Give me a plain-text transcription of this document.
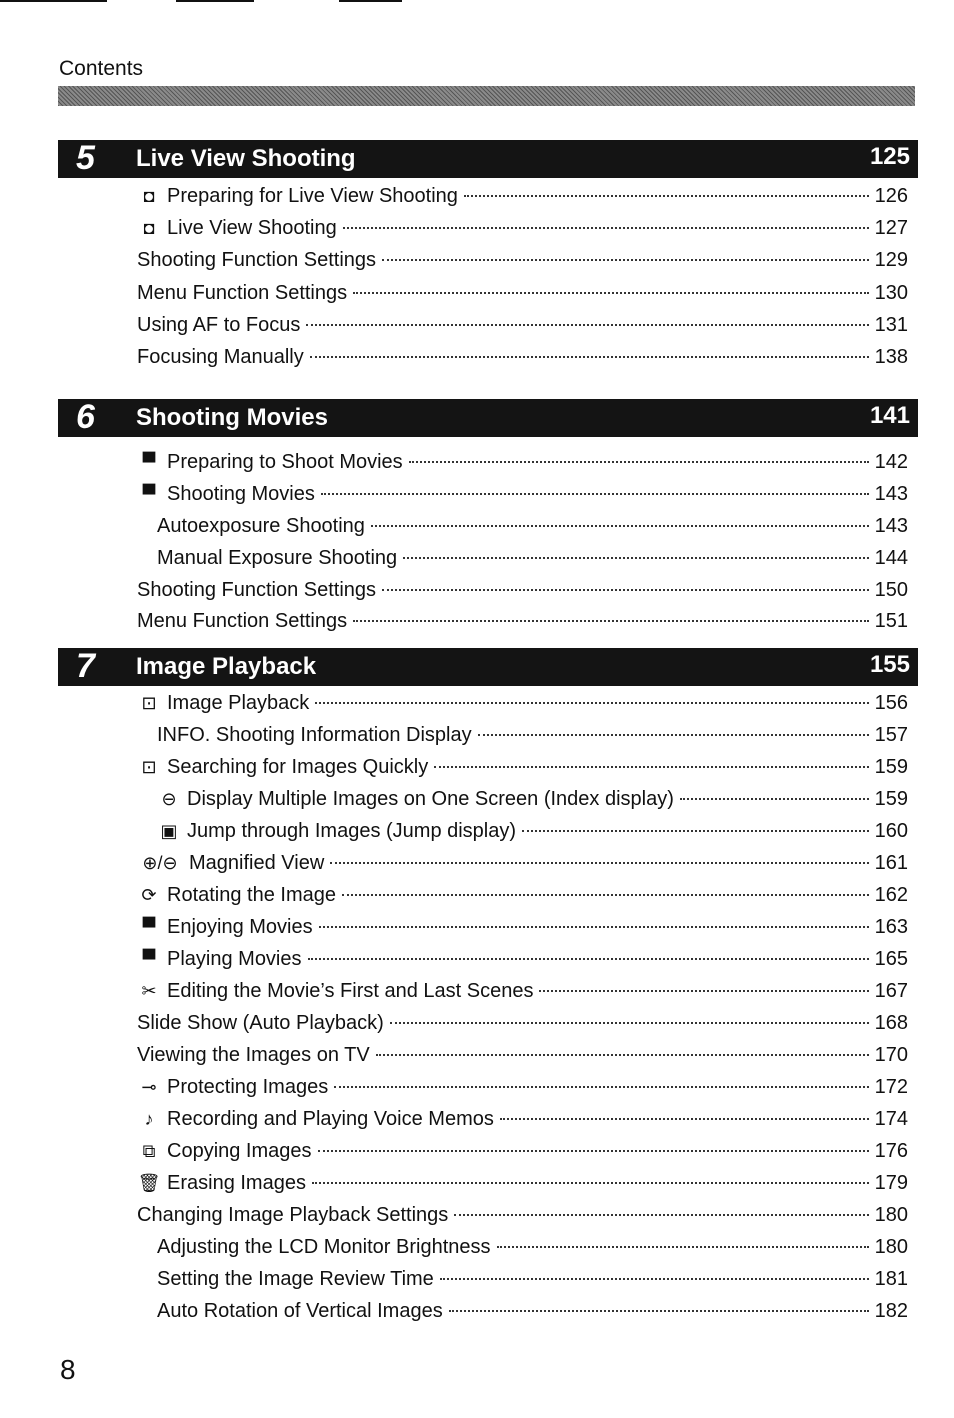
Contents
5 Live View Shooting	125
◘ Preparing for Live View Shooting	126
◘ Live View Shooting	127
Shooting Function Settings	129
Menu Function Settings	130
Using AF to Focus	131
Focusing Manually	138
6 Shooting Movies	141
▀ Preparing to Shoot Movies	142
▀ Shooting Movies	143
Autoexposure Shooting	143
Manual Exposure Shooting	144
Shooting Function Settings	150
Menu Function Settings	151
7 Image Playback	155
⊡ Image Playback	156
INFO. Shooting Information Display	157
⊡ Searching for Images Quickly	159
⊖ Display Multiple Images on One Screen (Index display)	159
▣ Jump through Images (Jump display)	160
⊕/⊖ Magnified View	161
⟳ Rotating the Image	162
▀ Enjoying Movies	163
▀ Playing Movies	165
✂ Editing the Movie’s First and Last Scenes	167
Slide Show (Auto Playback)	168
Viewing the Images on TV	170
⊸ Protecting Images	172
♪ Recording and Playing Voice Memos	174
⧉ Copying Images	176
🗑 Erasing Images	179
Changing Image Playback Settings	180
Adjusting the LCD Monitor Brightness	180
Setting the Image Review Time	181
Auto Rotation of Vertical Images	182
8
